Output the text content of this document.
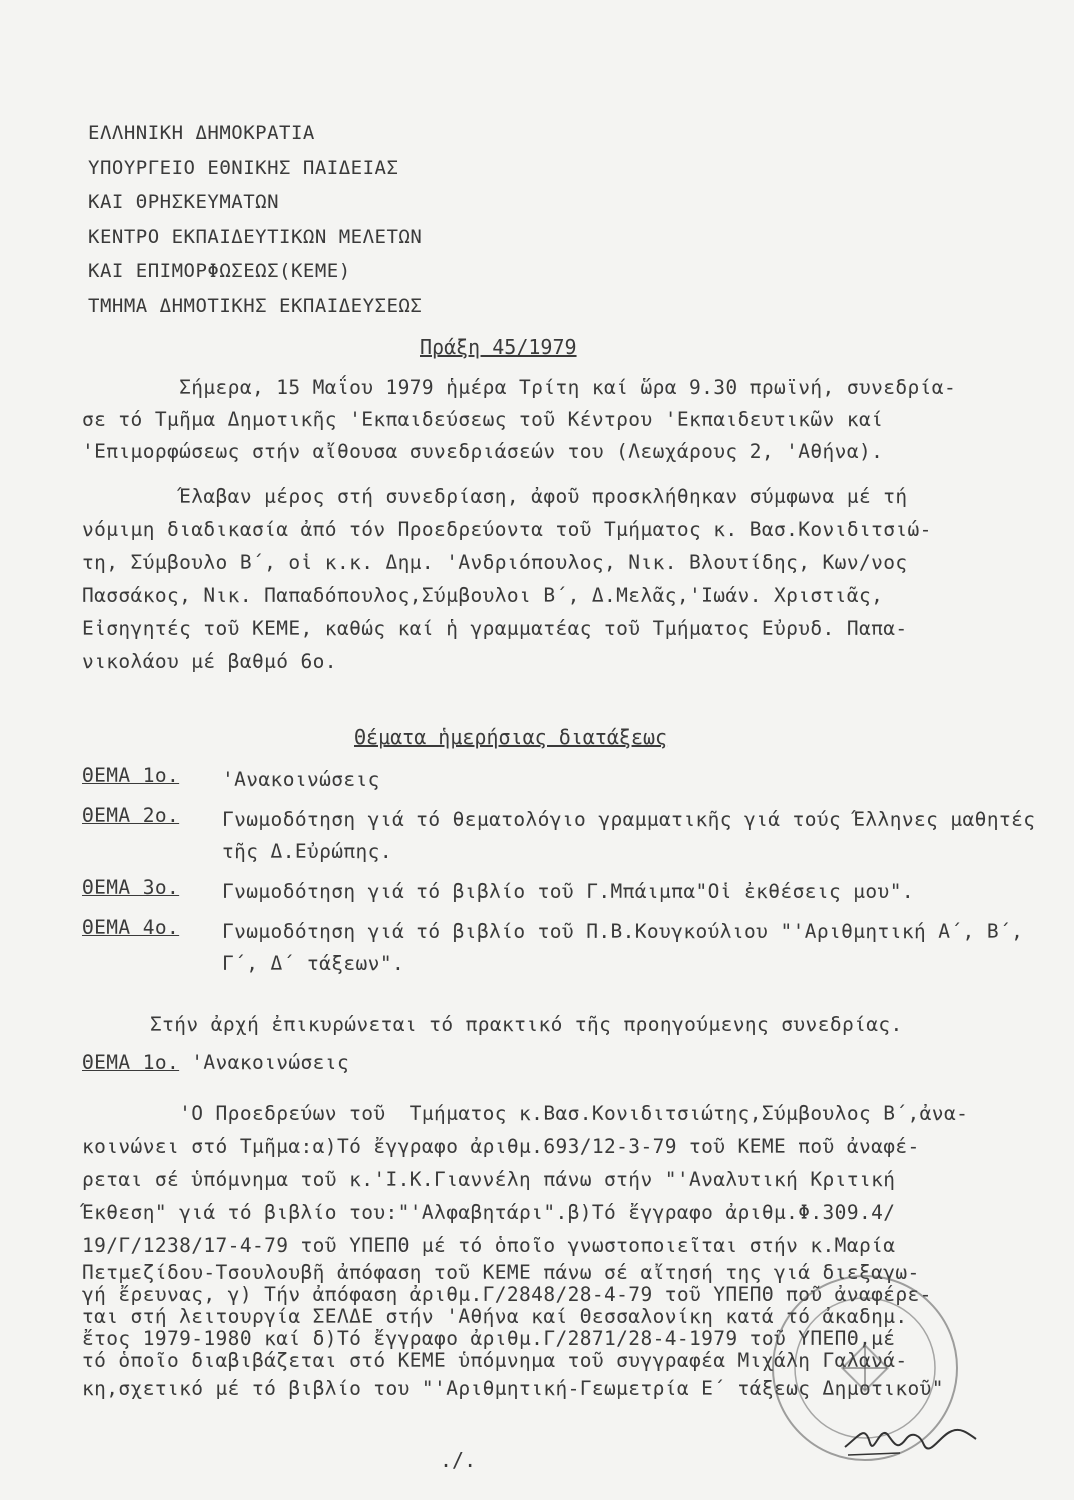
ΕΛΛΗΝΙΚΗ ΔΗΜΟΚΡΑΤΙΑ
ΥΠΟΥΡΓΕΙΟ ΕΘΝΙΚΗΣ ΠΑΙΔΕΙΑΣ
ΚΑΙ ΘΡΗΣΚΕΥΜΑΤΩΝ
ΚΕΝΤΡΟ ΕΚΠΑΙΔΕΥΤΙΚΩΝ ΜΕΛΕΤΩΝ
ΚΑΙ ΕΠΙΜΟΡΦΩΣΕΩΣ(ΚΕΜΕ)
ΤΜΗΜΑ ΔΗΜΟΤΙΚΗΣ ΕΚΠΑΙΔΕΥΣΕΩΣ
Πράξη 45/1979
Σήμερα, 15 Μαΐου 1979 ἡμέρα Τρίτη καί ὥρα 9.30 πρωϊνή, συνεδρία-
σε τό Τμῆμα Δημοτικῆς 'Εκπαιδεύσεως τοῦ Κέντρου 'Εκπαιδευτικῶν καί
'Επιμορφώσεως στήν αἴθουσα συνεδριάσεών του (Λεωχάρους 2, 'Αθήνα).
Έλαβαν μέρος στή συνεδρίαση, ἀφοῦ προσκλήθηκαν σύμφωνα μέ τή
νόμιμη διαδικασία ἀπό τόν Προεδρεύοντα τοῦ Τμήματος κ. Βασ.Κονιδιτσιώ-
τη, Σύμβουλο Β΄, οἱ κ.κ. Δημ. 'Ανδριόπουλος, Νικ. Βλουτίδης, Κων/νος
Πασσάκος, Νικ. Παπαδόπουλος,Σύμβουλοι Β΄, Δ.Μελᾶς,'Ιωάν. Χριστιᾶς,
Εἰσηγητές τοῦ ΚΕΜΕ, καθώς καί ἡ γραμματέας τοῦ Τμήματος Εὐρυδ. Παπα-
νικολάου μέ βαθμό 6ο.
Θέματα ἡμερήσιας διατάξεως
ΘΕΜΑ 1ο.	'Ανακοινώσεις
ΘΕΜΑ 2ο.	Γνωμοδότηση γιά τό θεματολόγιο γραμματικῆς γιά τούς Έλληνες μαθητές τῆς Δ.Εὐρώπης.
ΘΕΜΑ 3ο.	Γνωμοδότηση γιά τό βιβλίο τοῦ Γ.Μπάιμπα"Οἱ ἐκθέσεις μου".
ΘΕΜΑ 4ο.	Γνωμοδότηση γιά τό βιβλίο τοῦ Π.Β.Κουγκούλιου "'Αριθμητική Α΄, Β΄, Γ΄, Δ΄ τάξεων".
Στήν ἀρχή ἐπικυρώνεται τό πρακτικό τῆς προηγούμενης συνεδρίας.
ΘΕΜΑ 1ο. 'Ανακοινώσεις
'Ο Προεδρεύων τοῦ  Τμήματος κ.Βασ.Κονιδιτσιώτης,Σύμβουλος Β΄,ἀνα-
κοινώνει στό Τμῆμα:α)Τό ἔγγραφο ἀριθμ.693/12-3-79 τοῦ ΚΕΜΕ ποῦ ἀναφέ-
ρεται σέ ὑπόμνημα τοῦ κ.'Ι.Κ.Γιαννέλη πάνω στήν "'Αναλυτική Κριτική
Έκθεση" γιά τό βιβλίο του:"'Αλφαβητάρι".β)Τό ἔγγραφο ἀριθμ.Φ.309.4/
19/Γ/1238/17-4-79 τοῦ ΥΠΕΠΘ μέ τό ὁποῖο γνωστοποιεῖται στήν κ.Μαρία
Πετμεζίδου-Τσουλουβῆ ἀπόφαση τοῦ ΚΕΜΕ πάνω σέ αἴτησή της γιά διεξαγω-
γή ἔρευνας, γ) Τήν ἀπόφαση ἀριθμ.Γ/2848/28-4-79 τοῦ ΥΠΕΠΘ ποῦ ἀναφέρε-
ται στή λειτουργία ΣΕΛΔΕ στήν 'Αθήνα καί Θεσσαλονίκη κατά τό ἀκαδημ.
ἔτος 1979-1980 καί δ)Τό ἔγγραφο ἀριθμ.Γ/2871/28-4-1979 τοῦ ΥΠΕΠΘ,μέ
τό ὁποῖο διαβιβάζεται στό ΚΕΜΕ ὑπόμνημα τοῦ συγγραφέα Μιχάλη Γαλανά-
κη,σχετικό μέ τό βιβλίο του "'Αριθμητική-Γεωμετρία Ε΄ τάξεως Δημοτικοῦ"
./.
